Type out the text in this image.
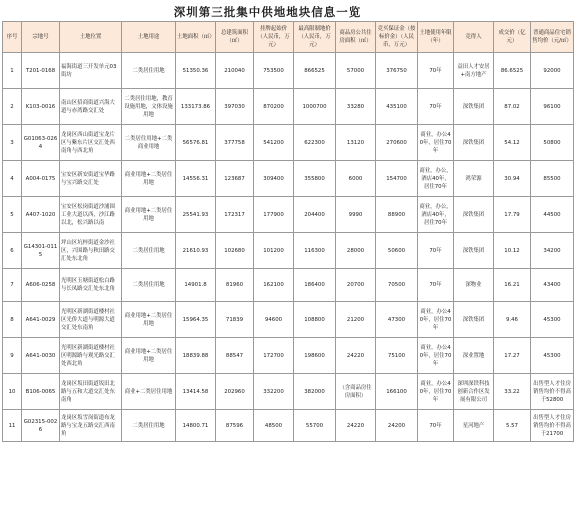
深圳第三批集中供地地块信息一览
序号	宗地号	土地位置	土地用途	土地面积（㎡）	总建筑面积（㎡）	挂牌起始价（人民币，万元）	最高限制地价（人民币，万元）	商品房公共住房面积（㎡）	竞买保证金（按标价金）（人民币，万元）	土地使用年限（年）	竞得人	成交价（亿元）	普通商品住宅销售均价（元/㎡）
1	T201-0168	福海街道三开发单元03街坊	二类居住用地	51350.36	210040	753500	866525	57000	376750	70年	益田人才安居+南方地产	86.6525	92000
2	K103-0016	南山区招商街道兴海大道与赤湾路交汇处	二类居住用地，教育设施用地，文体设施用地	133173.86	397030	870200	1000700	33280	435100	70年	深铁集团	87.02	96100
3	G01063-0264	龙岗区西山街道宝龙片区与紫东片区交汇处西南角与西北角	二类居住用地+二类商业用地	56576.81	377758	541200	622300	13120	270600	商业，办公40年，居住70年	深铁集团	54.12	50800
4	A004-0175	宝安区新安街道宝华路与宝兴路交汇处	商业用地+二类居住用地	14556.31	123687	309400	355800	6000	154700	商业，办公，酒店40年，居住70年	鸿荣源	30.94	85500
5	A407-1020	宝安区松岗街道沙浦围工业大道以西，沙江路以北，松兴路以南	商业用地+二类居住用地	25541.93	172317	177900	204400	9990	88900	商业，办公，酒店40年，居住70年	深铁集团	17.79	44500
6	G14301-0115	坪山区坑梓街道金沙社区，兴围路与秋田路交汇处东北角	二类居住用地	21610.93	102680	101200	116300	28000	50600	70年	深铁集团	10.12	34200
7	A606-0258	光明区玉塘街道松白路与长凤路交汇处东北角	二类居住用地	14901.8	81960	162100	186400	20700	70500	70年	深物业	16.21	43400
8	A641-0029	光明区新湖街道楼村社区光侨大道与明源大道交汇处东南角	商业用地+二类居住用地	15964.35	71839	94600	108800	21200	47300	商业，办公40年，居住70年	深铁集团	9.46	45300
9	A641-0030	光明区新湖街道楼村社区明源路与观光路交汇处西北角	商业用地+二类居住用地	18839.88	88547	172700	198600	24220	75100	商业，办公40年，居住70年	深业置地	17.27	45300
10	B106-0065	龙岗区坂田街道坂田北路与五和大道交汇处东南角	商业+二类居住用地	13414.58	202960	332200	382000	（含商品房住房面积）	166100	商业，办公40年，居住70年	深圳深铁科技创新合作区发展有限公司	33.22	出售型人才住房销售均价不得高于52800
11	G02315-0026	龙岗区坂雪岗街道布龙路与宝龙五路交汇西南角	二类居住用地	14800.71	87596	48500	55700	24220	24200	70年	星河地产	5.57	出售型人才住房销售均价不得高于21700
